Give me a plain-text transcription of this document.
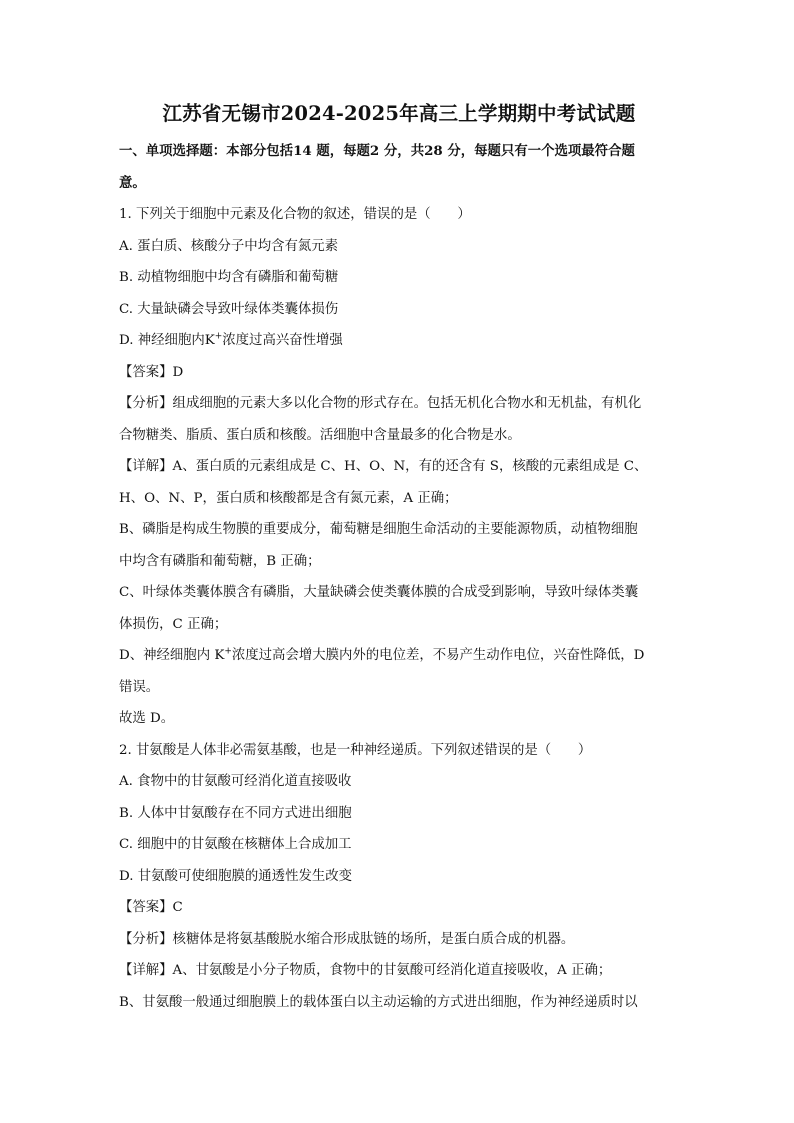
江苏省无锡市2024-2025年高三上学期期中考试试题
一、单项选择题：本部分包括14 题，每题2 分，共28 分，每题只有一个选项最符合题
意。
1. 下列关于细胞中元素及化合物的叙述，错误的是（　　）
A. 蛋白质、核酸分子中均含有氮元素
B. 动植物细胞中均含有磷脂和葡萄糖
C. 大量缺磷会导致叶绿体类囊体损伤
D. 神经细胞内K+浓度过高兴奋性增强
【答案】D
【分析】组成细胞的元素大多以化合物的形式存在。包括无机化合物水和无机盐，有机化
合物糖类、脂质、蛋白质和核酸。活细胞中含量最多的化合物是水。
【详解】A、蛋白质的元素组成是 C、H、O、N，有的还含有 S，核酸的元素组成是 C、
H、O、N、P，蛋白质和核酸都是含有氮元素，A 正确；
B、磷脂是构成生物膜的重要成分，葡萄糖是细胞生命活动的主要能源物质，动植物细胞
中均含有磷脂和葡萄糖，B 正确；
C、叶绿体类囊体膜含有磷脂，大量缺磷会使类囊体膜的合成受到影响，导致叶绿体类囊
体损伤，C 正确；
D、神经细胞内 K+浓度过高会增大膜内外的电位差，不易产生动作电位，兴奋性降低，D
错误。
故选 D。
2. 甘氨酸是人体非必需氨基酸，也是一种神经递质。下列叙述错误的是（　　）
A. 食物中的甘氨酸可经消化道直接吸收
B. 人体中甘氨酸存在不同方式进出细胞
C. 细胞中的甘氨酸在核糖体上合成加工
D. 甘氨酸可使细胞膜的通透性发生改变
【答案】C
【分析】核糖体是将氨基酸脱水缩合形成肽链的场所，是蛋白质合成的机器。
【详解】A、甘氨酸是小分子物质，食物中的甘氨酸可经消化道直接吸收，A 正确；
B、甘氨酸一般通过细胞膜上的载体蛋白以主动运输的方式进出细胞，作为神经递质时以
